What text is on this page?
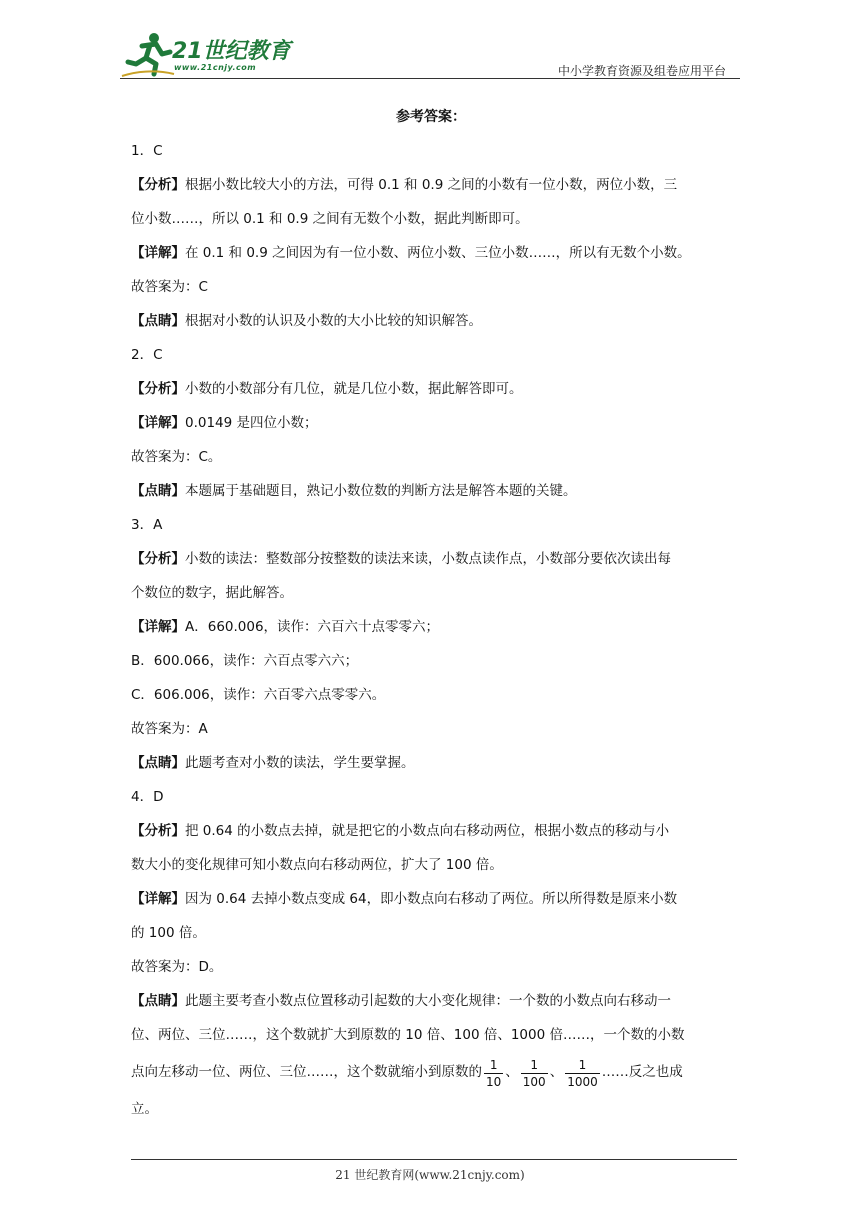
21世纪教育
www.21cnjy.com	中小学教育资源及组卷应用平台
参考答案：
1．C
【分析】根据小数比较大小的方法，可得 0.1 和 0.9 之间的小数有一位小数，两位小数，三
位小数……，所以 0.1 和 0.9 之间有无数个小数，据此判断即可。
【详解】在 0.1 和 0.9 之间因为有一位小数、两位小数、三位小数……，所以有无数个小数。
故答案为：C
【点睛】根据对小数的认识及小数的大小比较的知识解答。
2．C
【分析】小数的小数部分有几位，就是几位小数，据此解答即可。
【详解】0.0149 是四位小数；
故答案为：C。
【点睛】本题属于基础题目，熟记小数位数的判断方法是解答本题的关键。
3．A
【分析】小数的读法：整数部分按整数的读法来读，小数点读作点，小数部分要依次读出每
个数位的数字，据此解答。
【详解】A．660.006，读作：六百六十点零零六；
B．600.066，读作：六百点零六六；
C．606.006，读作：六百零六点零零六。
故答案为：A
【点睛】此题考查对小数的读法，学生要掌握。
4．D
【分析】把 0.64 的小数点去掉，就是把它的小数点向右移动两位，根据小数点的移动与小
数大小的变化规律可知小数点向右移动两位，扩大了 100 倍。
【详解】因为 0.64 去掉小数点变成 64，即小数点向右移动了两位。所以所得数是原来小数
的 100 倍。
故答案为：D。
【点睛】此题主要考查小数点位置移动引起数的大小变化规律：一个数的小数点向右移动一
位、两位、三位……，这个数就扩大到原数的 10 倍、100 倍、1000 倍……，一个数的小数
点向左移动一位、两位、三位……，这个数就缩小到原数的 $\frac{1}{10}$ 、 $\frac{1}{100}$ 、 $\frac{1}{1000}$ ……反之也成
立。
21 世纪教育网(www.21cnjy.com)
